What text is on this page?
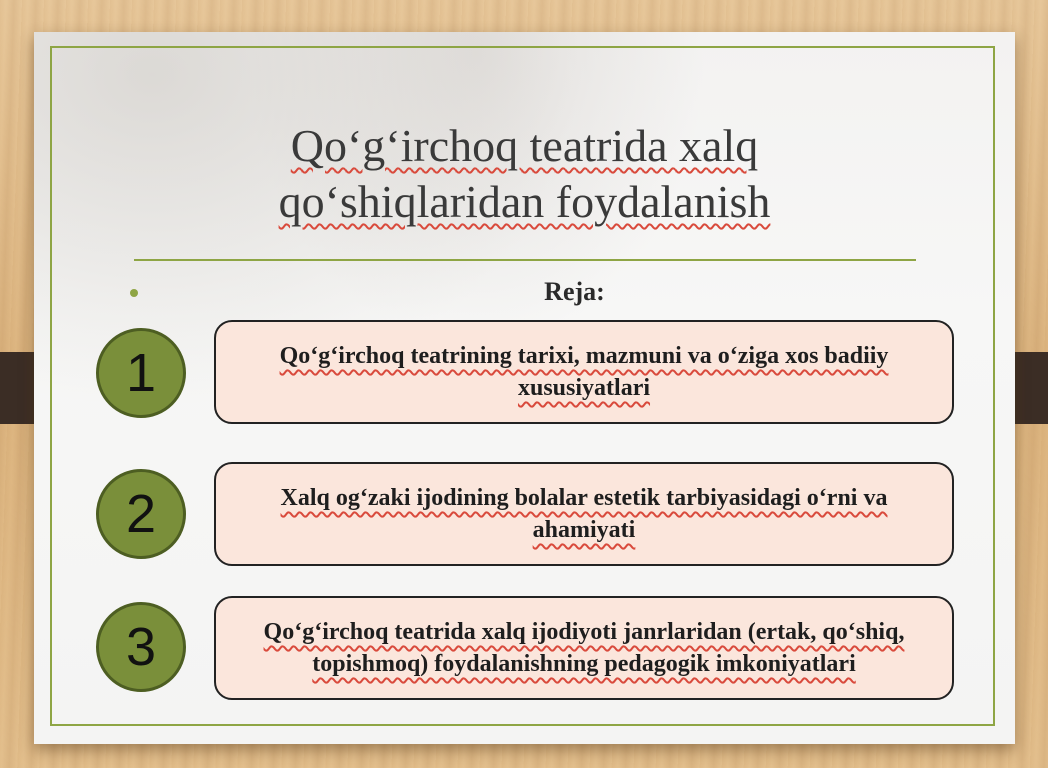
Qo‘g‘irchoq teatrida xalq
qo‘shiqlaridan foydalanish
Reja:
1	Qo‘g‘irchoq teatrining tarixi, mazmuni va o‘ziga xos badiiy xususiyatlari
2	Xalq og‘zaki ijodining bolalar estetik tarbiyasidagi o‘rni va ahamiyati
3	Qo‘g‘irchoq teatrida xalq ijodiyoti janrlaridan (ertak, qo‘shiq, topishmoq) foydalanishning pedagogik imkoniyatlari
